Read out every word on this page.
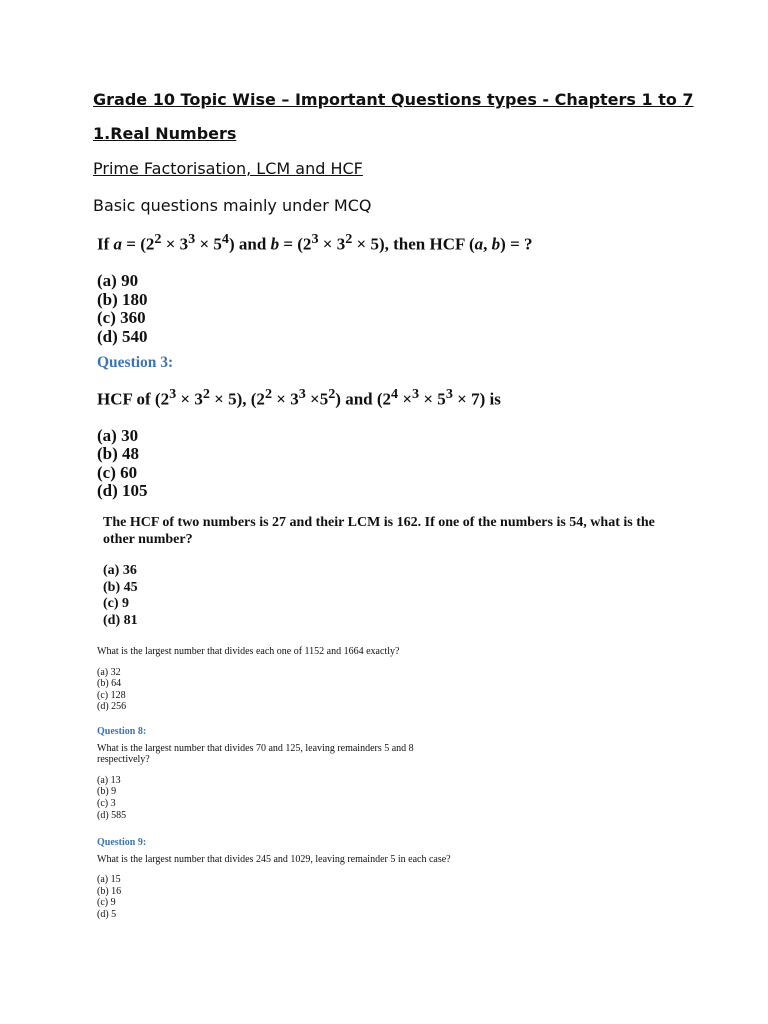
Grade 10 Topic Wise – Important Questions types - Chapters 1 to 7
1.Real Numbers
Prime Factorisation, LCM and HCF
Basic questions mainly under MCQ
If $a = (2^2 \times 3^3 \times 5^4)$ and $b = (2^3 \times 3^2 \times 5)$, then HCF (a, b) = ?
(a) 90
(b) 180
(c) 360
(d) 540
Question 3:
HCF of $(2^3 \times 3^2 \times 5)$, $(2^2 \times 3^3 \times 5^2)$ and $(2^4 \times^3 \times 5^3 \times 7)$ is
(a) 30
(b) 48
(c) 60
(d) 105
The HCF of two numbers is 27 and their LCM is 162. If one of the numbers is 54, what is the other number?
(a) 36
(b) 45
(c) 9
(d) 81
What is the largest number that divides each one of 1152 and 1664 exactly?
(a) 32
(b) 64
(c) 128
(d) 256
Question 8:
What is the largest number that divides 70 and 125, leaving remainders 5 and 8 respectively?
(a) 13
(b) 9
(c) 3
(d) 585
Question 9:
What is the largest number that divides 245 and 1029, leaving remainder 5 in each case?
(a) 15
(b) 16
(c) 9
(d) 5
